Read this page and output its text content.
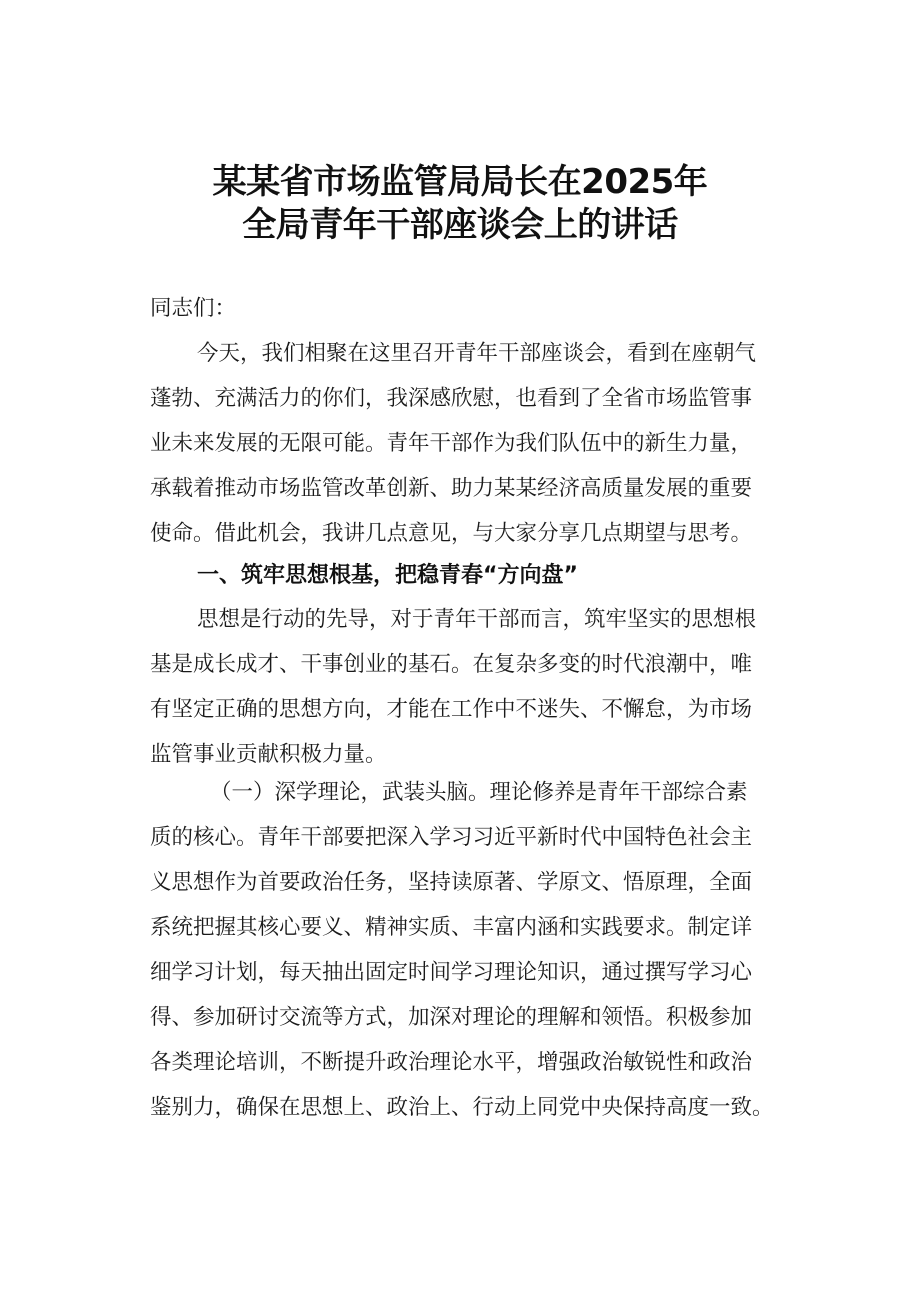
某某省市场监管局局长在2025年
全局青年干部座谈会上的讲话

同志们：

今天，我们相聚在这里召开青年干部座谈会，看到在座朝气

蓬勃、充满活力的你们，我深感欣慰，也看到了全省市场监管事

业未来发展的无限可能。青年干部作为我们队伍中的新生力量，

承载着推动市场监管改革创新、助力某某经济高质量发展的重要

使命。借此机会，我讲几点意见，与大家分享几点期望与思考。

一、筑牢思想根基，把稳青春“方向盘”

思想是行动的先导，对于青年干部而言，筑牢坚实的思想根

基是成长成才、干事创业的基石。在复杂多变的时代浪潮中，唯

有坚定正确的思想方向，才能在工作中不迷失、不懈怠，为市场

监管事业贡献积极力量。

（一）深学理论，武装头脑。理论修养是青年干部综合素

质的核心。青年干部要把深入学习习近平新时代中国特色社会主

义思想作为首要政治任务，坚持读原著、学原文、悟原理，全面

系统把握其核心要义、精神实质、丰富内涵和实践要求。制定详

细学习计划，每天抽出固定时间学习理论知识，通过撰写学习心

得、参加研讨交流等方式，加深对理论的理解和领悟。积极参加

各类理论培训，不断提升政治理论水平，增强政治敏锐性和政治

鉴别力，确保在思想上、政治上、行动上同党中央保持高度一致。
